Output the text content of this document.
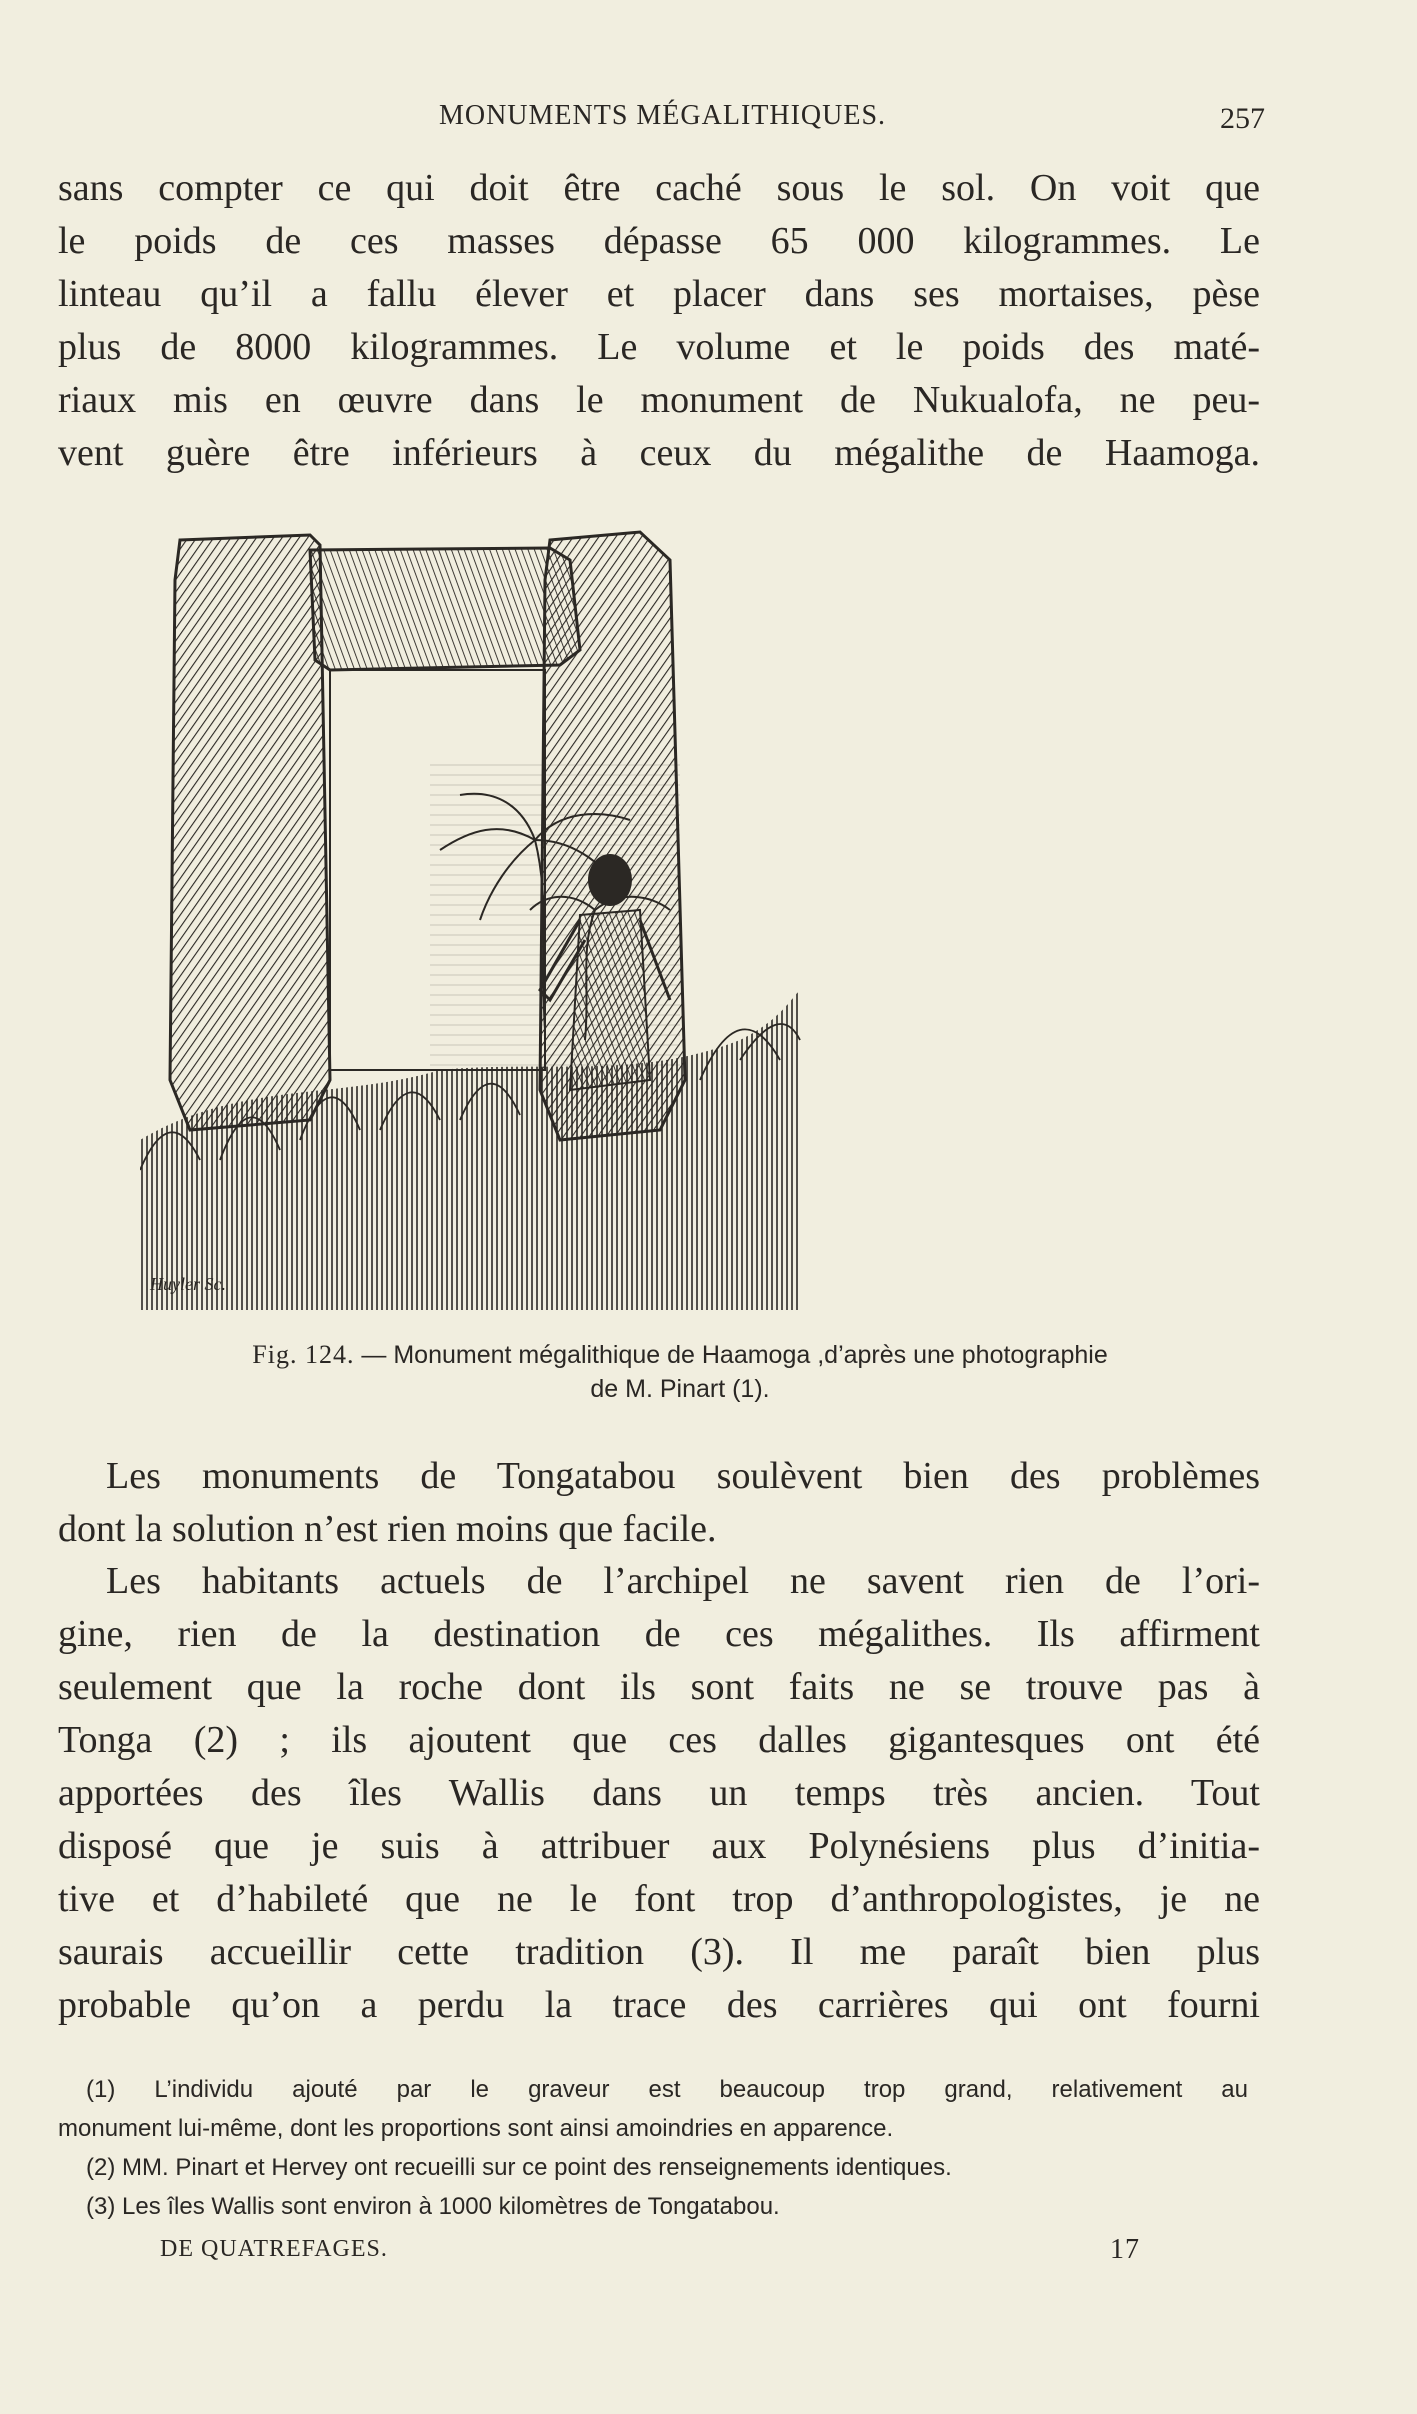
MONUMENTS MÉGALITHIQUES.	257
sans compter ce qui doit être caché sous le sol. On voit que
le poids de ces masses dépasse 65 000 kilogrammes. Le
linteau qu’il a fallu élever et placer dans ses mortaises, pèse
plus de 8000 kilogrammes. Le volume et le poids des maté-
riaux mis en œuvre dans le monument de Nukualofa, ne peu-
vent guère être inférieurs à ceux du mégalithe de Haamoga.
Huyler Sc.
Fig. 124. — Monument mégalithique de Haamoga ,d’après une photographie
de M. Pinart (1).
Les monuments de Tongatabou soulèvent bien des problèmes
dont la solution n’est rien moins que facile.
Les habitants actuels de l’archipel ne savent rien de l’ori-
gine, rien de la destination de ces mégalithes. Ils affirment
seulement que la roche dont ils sont faits ne se trouve pas à
Tonga (2) ; ils ajoutent que ces dalles gigantesques ont été
apportées des îles Wallis dans un temps très ancien. Tout
disposé que je suis à attribuer aux Polynésiens plus d’initia-
tive et d’habileté que ne le font trop d’anthropologistes, je ne
saurais accueillir cette tradition (3). Il me paraît bien plus
probable qu’on a perdu la trace des carrières qui ont fourni
(1) L’individu ajouté par le graveur est beaucoup trop grand, relativement au
monument lui-même, dont les proportions sont ainsi amoindries en apparence.
(2) MM. Pinart et Hervey ont recueilli sur ce point des renseignements identiques.
(3) Les îles Wallis sont environ à 1000 kilomètres de Tongatabou.
DE QUATREFAGES.	17
